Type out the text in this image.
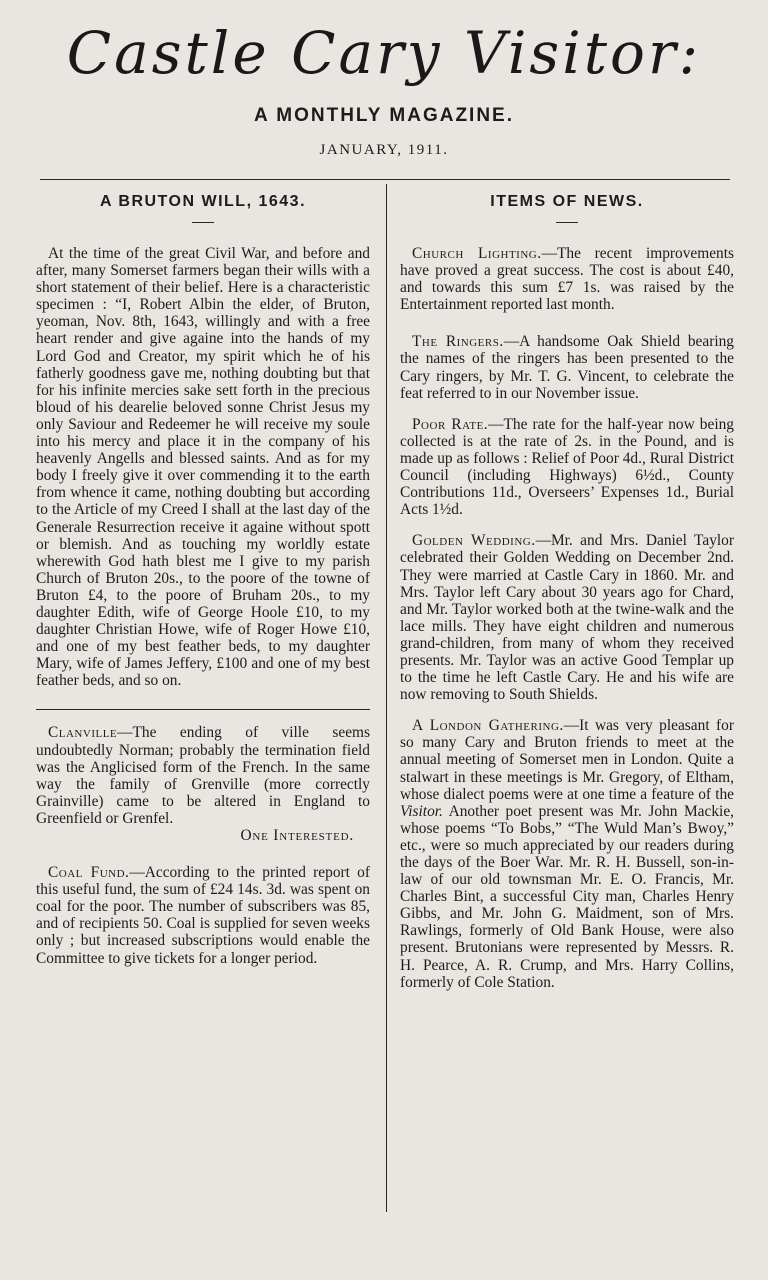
Castle Cary Visitor:
A MONTHLY MAGAZINE.
JANUARY, 1911.
A BRUTON WILL, 1643.

At the time of the great Civil War, and before and after, many Somerset farmers began their wills with a short statement of their belief. Here is a characteristic specimen : “I, Robert Albin the elder, of Bruton, yeoman, Nov. 8th, 1643, willingly and with a free heart render and give againe into the hands of my Lord God and Creator, my spirit which he of his fatherly goodness gave me, nothing doubting but that for his infinite mercies sake sett forth in the precious bloud of his dearelie beloved sonne Christ Jesus my only Saviour and Redeemer he will receive my soule into his mercy and place it in the company of his heavenly Angells and blessed saints. And as for my body I freely give it over commending it to the earth from whence it came, nothing doubting but according to the Article of my Creed I shall at the last day of the Generale Resurrection receive it againe without spott or blemish. And as touching my worldly estate wherewith God hath blest me I give to my parish Church of Bruton 20s., to the poore of the towne of Bruton £4, to the poore of Bruham 20s., to my daughter Edith, wife of George Hoole £10, to my daughter Christian Howe, wife of Roger Howe £10, and one of my best feather beds, to my daughter Mary, wife of James Jeffery, £100 and one of my best feather beds, and so on.

Clanville—The ending of ville seems undoubtedly Norman; probably the termination field was the Anglicised form of the French. In the same way the family of Grenville (more correctly Grainville) came to be altered in England to Greenfield or Grenfel.

One Interested.

Coal Fund.—According to the printed report of this useful fund, the sum of £24 14s. 3d. was spent on coal for the poor. The number of subscribers was 85, and of recipients 50. Coal is supplied for seven weeks only ; but increased subscriptions would enable the Committee to give tickets for a longer period.

ITEMS OF NEWS.

Church Lighting.—The recent improvements have proved a great success. The cost is about £40, and towards this sum £7 1s. was raised by the Entertainment reported last month.

The Ringers.—A handsome Oak Shield bearing the names of the ringers has been presented to the Cary ringers, by Mr. T. G. Vincent, to celebrate the feat referred to in our November issue.

Poor Rate.—The rate for the half-year now being collected is at the rate of 2s. in the Pound, and is made up as follows : Relief of Poor 4d., Rural District Council (including Highways) 6½d., County Contributions 11d., Overseers’ Expenses 1d., Burial Acts 1½d.

Golden Wedding.—Mr. and Mrs. Daniel Taylor celebrated their Golden Wedding on December 2nd. They were married at Castle Cary in 1860. Mr. and Mrs. Taylor left Cary about 30 years ago for Chard, and Mr. Taylor worked both at the twine-walk and the lace mills. They have eight children and numerous grand-children, from many of whom they received presents. Mr. Taylor was an active Good Templar up to the time he left Castle Cary. He and his wife are now removing to South Shields.

A London Gathering.—It was very pleasant for so many Cary and Bruton friends to meet at the annual meeting of Somerset men in London. Quite a stalwart in these meetings is Mr. Gregory, of Eltham, whose dialect poems were at one time a feature of the Visitor. Another poet present was Mr. John Mackie, whose poems “To Bobs,” “The Wuld Man’s Bwoy,” etc., were so much appreciated by our readers during the days of the Boer War. Mr. R. H. Bussell, son-in-law of our old townsman Mr. E. O. Francis, Mr. Charles Bint, a successful City man, Charles Henry Gibbs, and Mr. John G. Maidment, son of Mrs. Rawlings, formerly of Old Bank House, were also present. Brutonians were represented by Messrs. R. H. Pearce, A. R. Crump, and Mrs. Harry Collins, formerly of Cole Station.
